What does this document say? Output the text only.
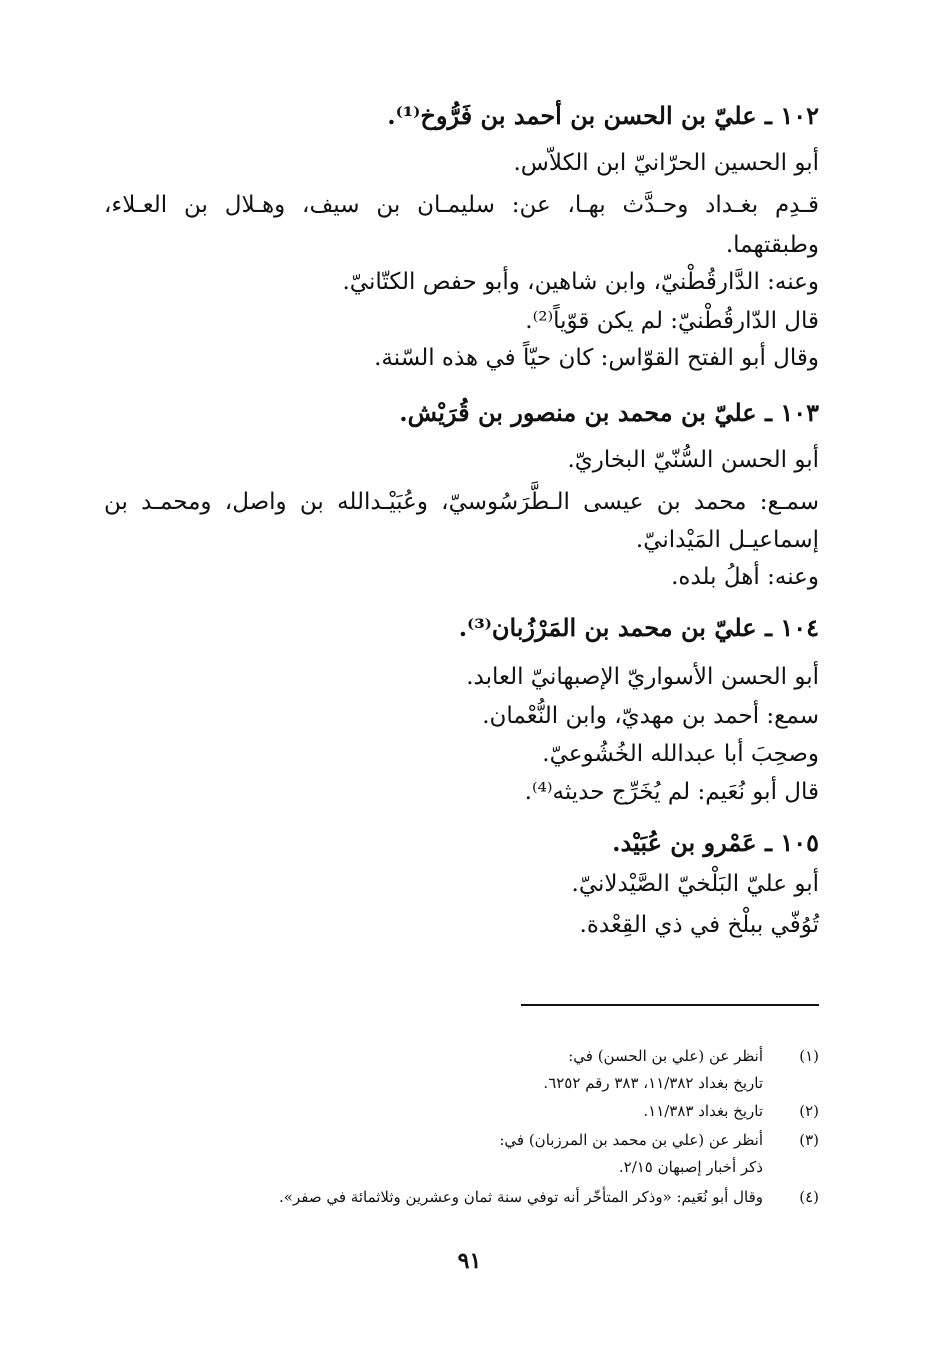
١٠٢ ـ عليّ بن الحسن بن أحمد بن فَرُّوخ⁽¹⁾.
أبو الحسين الحرّانيّ ابن الكلاّس.
قـدِم بغـداد وحـدَّث بهـا، عن: سليمـان بن سيف، وهـلال بن العـلاء،
وطبقتهما.
وعنه: الدَّارقُطْنيّ، وابن شاهين، وأبو حفص الكتّانيّ.
قال الدّارقُطْنيّ: لم يكن قوّياً⁽²⁾.
وقال أبو الفتح القوّاس: كان حيّاً في هذه السّنة.
١٠٣ ـ عليّ بن محمد بن منصور بن قُرَيْش.
أبو الحسن السُّنّيّ البخاريّ.
سمـع: محمد بن عيسى الـطَّرَسُوسيّ، وعُبَيْـدالله بن واصل، ومحمـد بن
إسماعيـل المَيْدانيّ.
وعنه: أهلُ بلده.
١٠٤ ـ عليّ بن محمد بن المَرْزُبان⁽³⁾.
أبو الحسن الأسواريّ الإصبهانيّ العابد.
سمع: أحمد بن مهديّ، وابن النُّعْمان.
وصحِبَ أبا عبدالله الخُشُوعيّ.
قال أبو نُعَيم: لم يُخَرِّج حديثه⁽⁴⁾.
١٠٥ ـ عَمْرو بن عُبَيْد.
أبو عليّ البَلْخيّ الصَّيْدلانيّ.
تُوُفّي ببلْخ في ذي القِعْدة.
(١)
أنظر عن (علي بن الحسن) في:
تاريخ بغداد ١١/٣٨٢، ٣٨٣ رقم ٦٢٥٢.
(٢)
تاريخ بغداد ١١/٣٨٣.
(٣)
أنظر عن (علي بن محمد بن المرزبان) في:
ذكر أخبار إصبهان ٢/١٥.
(٤)
وقال أبو نُعَيم: «وذكر المتأخّر أنه توفي سنة ثمان وعشرين وثلاثمائة في صفر».
٩١
